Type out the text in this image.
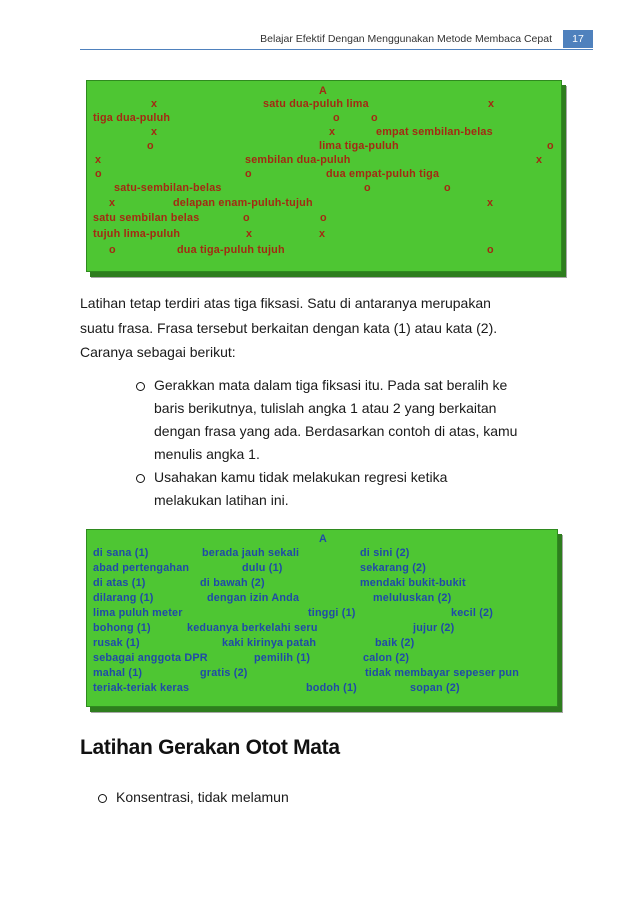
Belajar Efektif Dengan Menggunakan Metode Membaca Cepat	17
A
x	satu dua-puluh lima	x
tiga dua-puluh	o	o
x	x	empat sembilan-belas
o	lima tiga-puluh	o
x	sembilan dua-puluh	x
o	o	dua empat-puluh tiga
satu-sembilan-belas	o	o
x	delapan enam-puluh-tujuh	x
satu sembilan belas	o	o
tujuh lima-puluh	x	x
o	dua tiga-puluh tujuh	o

Latihan tetap terdiri atas tiga fiksasi. Satu di antaranya merupakan

suatu frasa. Frasa tersebut berkaitan dengan kata (1) atau kata (2).

Caranya sebagai berikut:

Gerakkan mata dalam tiga fiksasi itu. Pada sat beralih ke
baris berikutnya, tulislah angka 1 atau 2 yang berkaitan
dengan frasa yang ada. Berdasarkan contoh di atas, kamu
menulis angka 1.
Usahakan kamu tidak melakukan regresi ketika
melakukan latihan ini.
A
di sana (1)	berada jauh sekali	di sini (2)
abad pertengahan	dulu (1)	sekarang (2)
di atas (1)	di bawah (2)	mendaki bukit-bukit
dilarang (1)	dengan izin Anda	meluluskan (2)
lima puluh meter	tinggi (1)	kecil (2)
bohong (1)	keduanya berkelahi seru	jujur (2)
rusak (1)	kaki kirinya patah	baik (2)
sebagai anggota DPR	pemilih (1)	calon (2)
mahal (1)	gratis (2)	tidak membayar sepeser pun
teriak-teriak keras	bodoh (1)	sopan (2)
Latihan Gerakan Otot Mata
Konsentrasi, tidak melamun
